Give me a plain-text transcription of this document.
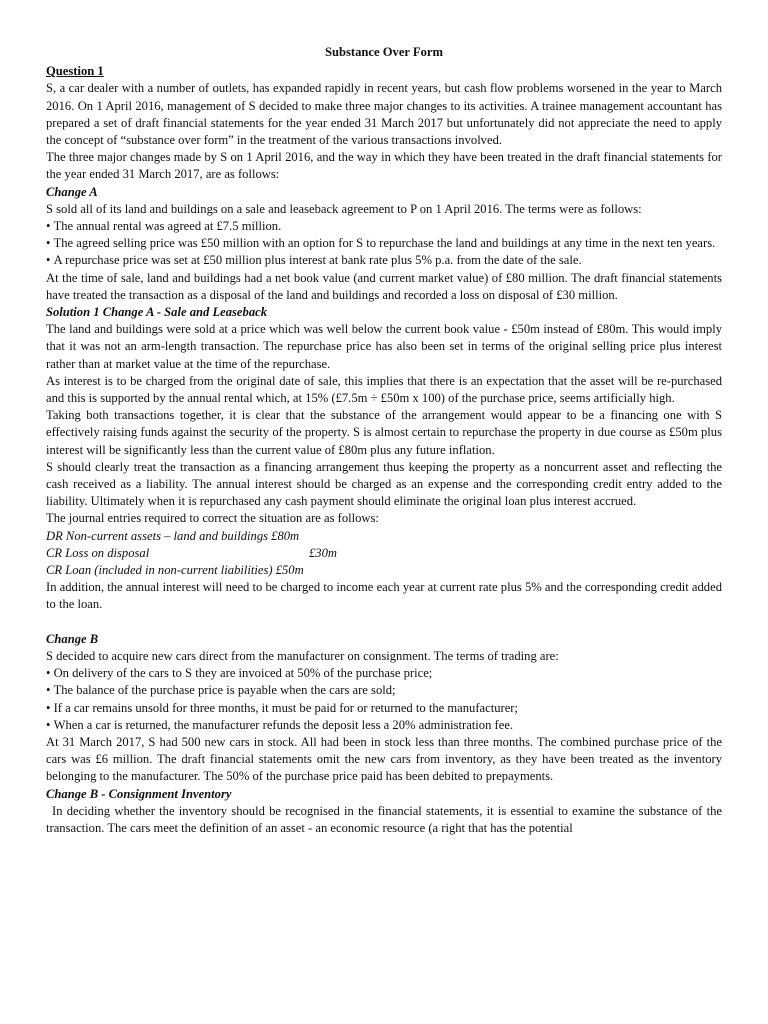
Substance Over Form

Question 1

S, a car dealer with a number of outlets, has expanded rapidly in recent years, but cash flow problems worsened in the year to March 2016. On 1 April 2016, management of S decided to make three major changes to its activities. A trainee management accountant has prepared a set of draft financial statements for the year ended 31 March 2017 but unfortunately did not appreciate the need to apply the concept of “substance over form” in the treatment of the various transactions involved.

The three major changes made by S on 1 April 2016, and the way in which they have been treated in the draft financial statements for the year ended 31 March 2017, are as follows:

Change A

S sold all of its land and buildings on a sale and leaseback agreement to P on 1 April 2016. The terms were as follows:

• The annual rental was agreed at £7.5 million.

• The agreed selling price was £50 million with an option for S to repurchase the land and buildings at any time in the next ten years.

• A repurchase price was set at £50 million plus interest at bank rate plus 5% p.a. from the date of the sale.

At the time of sale, land and buildings had a net book value (and current market value) of £80 million. The draft financial statements have treated the transaction as a disposal of the land and buildings and recorded a loss on disposal of £30 million.

Solution 1 Change A - Sale and Leaseback

The land and buildings were sold at a price which was well below the current book value - £50m instead of £80m. This would imply that it was not an arm-length transaction. The repurchase price has also been set in terms of the original selling price plus interest rather than at market value at the time of the repurchase.

As interest is to be charged from the original date of sale, this implies that there is an expectation that the asset will be re-purchased and this is supported by the annual rental which, at 15% (£7.5m ÷ £50m x 100) of the purchase price, seems artificially high.

Taking both transactions together, it is clear that the substance of the arrangement would appear to be a financing one with S effectively raising funds against the security of the property. S is almost certain to repurchase the property in due course as £50m plus interest will be significantly less than the current value of £80m plus any future inflation.

S should clearly treat the transaction as a financing arrangement thus keeping the property as a noncurrent asset and reflecting the cash received as a liability. The annual interest should be charged as an expense and the corresponding credit entry added to the liability. Ultimately when it is repurchased any cash payment should eliminate the original loan plus interest accrued.

The journal entries required to correct the situation are as follows:

DR Non-current assets – land and buildings £80m
CR Loss on disposal	£30m
CR Loan (included in non-current liabilities) £50m

In addition, the annual interest will need to be charged to income each year at current rate plus 5% and the corresponding credit added to the loan.

Change B

S decided to acquire new cars direct from the manufacturer on consignment. The terms of trading are:

• On delivery of the cars to S they are invoiced at 50% of the purchase price;

• The balance of the purchase price is payable when the cars are sold;

• If a car remains unsold for three months, it must be paid for or returned to the manufacturer;

• When a car is returned, the manufacturer refunds the deposit less a 20% administration fee.

At 31 March 2017, S had 500 new cars in stock. All had been in stock less than three months. The combined purchase price of the cars was £6 million. The draft financial statements omit the new cars from inventory, as they have been treated as the inventory belonging to the manufacturer. The 50% of the purchase price paid has been debited to prepayments.

Change B - Consignment Inventory

In deciding whether the inventory should be recognised in the financial statements, it is essential to examine the substance of the transaction. The cars meet the definition of an asset - an economic resource (a right that has the potential
